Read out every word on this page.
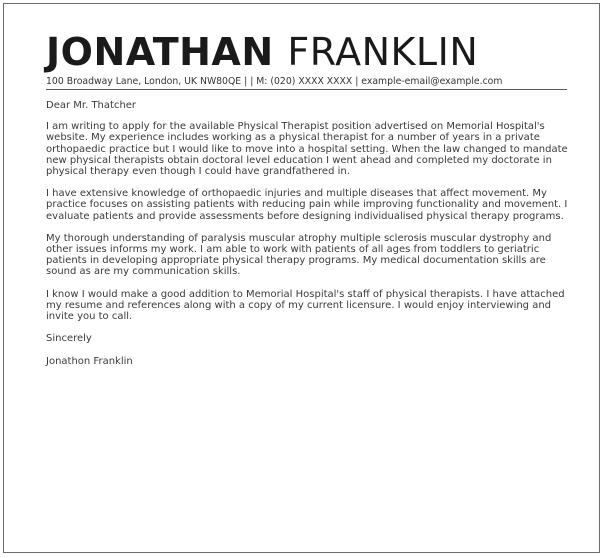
JONATHAN FRANKLIN
100 Broadway Lane, London, UK NW80QE | | M: (020) XXXX XXXX | example-email@example.com

Dear Mr. Thatcher

I am writing to apply for the available Physical Therapist position advertised on Memorial Hospital's website. My experience includes working as a physical therapist for a number of years in a private orthopaedic practice but I would like to move into a hospital setting. When the law changed to mandate new physical therapists obtain doctoral level education I went ahead and completed my doctorate in physical therapy even though I could have grandfathered in.

I have extensive knowledge of orthopaedic injuries and multiple diseases that affect movement. My practice focuses on assisting patients with reducing pain while improving functionality and movement. I evaluate patients and provide assessments before designing individualised physical therapy programs.

My thorough understanding of paralysis muscular atrophy multiple sclerosis muscular dystrophy and other issues informs my work. I am able to work with patients of all ages from toddlers to geriatric patients in developing appropriate physical therapy programs. My medical documentation skills are sound as are my communication skills.

I know I would make a good addition to Memorial Hospital's staff of physical therapists. I have attached my resume and references along with a copy of my current licensure. I would enjoy interviewing and invite you to call.

Sincerely

Jonathon Franklin
